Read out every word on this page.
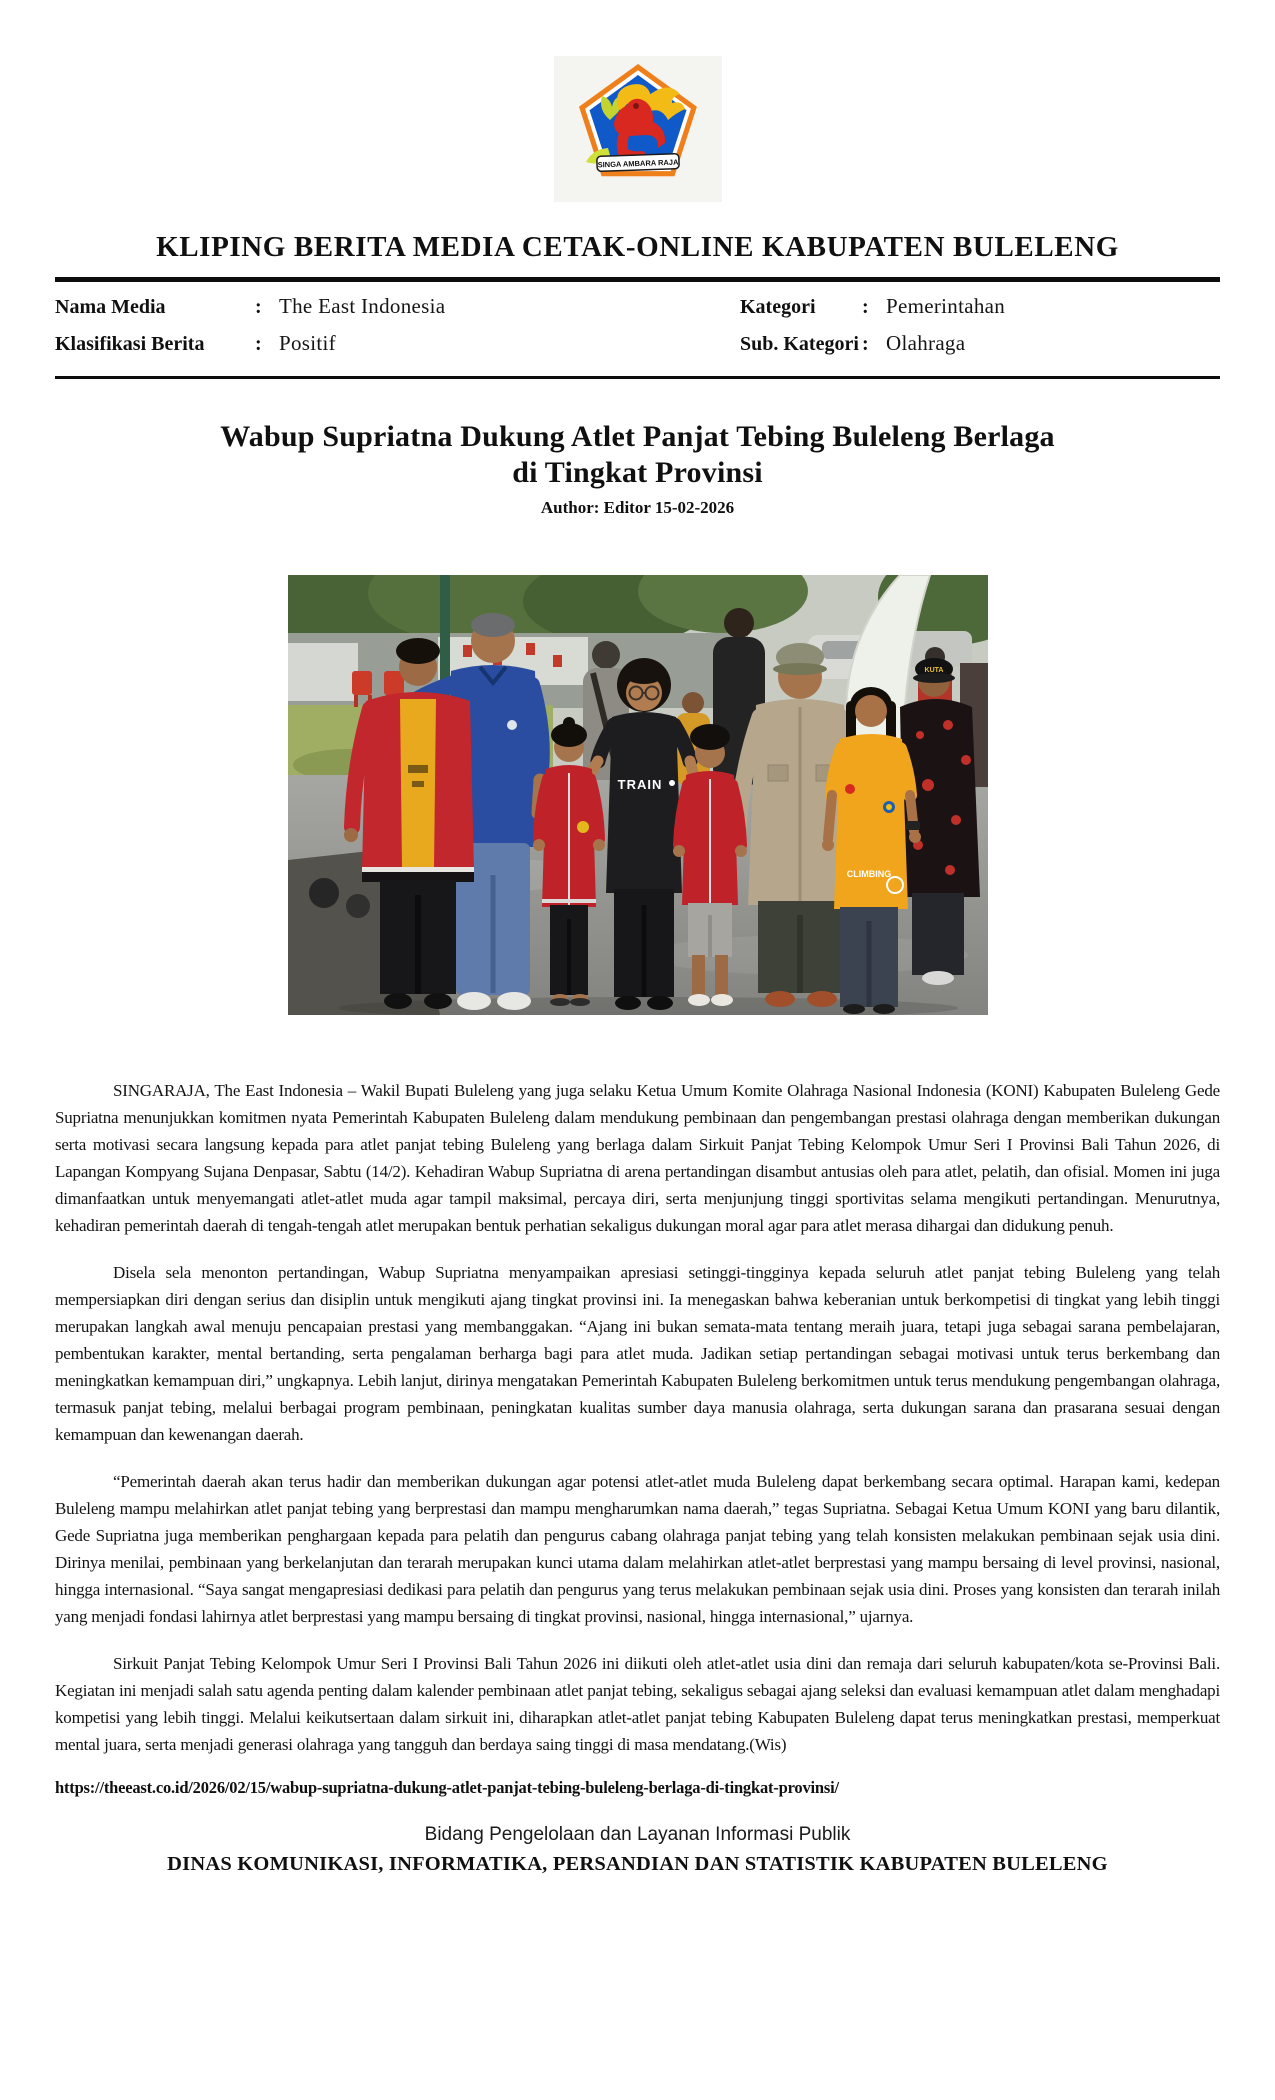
SINGA AMBARA RAJA
KLIPING BERITA MEDIA CETAK-ONLINE KABUPATEN BULELENG
Nama Media	: The East Indonesia	Kategori	: Pemerintahan
Klasifikasi Berita	: Positif	Sub. Kategori : Olahraga
Wabup Supriatna Dukung Atlet Panjat Tebing Buleleng Berlaga
di Tingkat Provinsi
Author: Editor 15-02-2026
KUTA
TRAIN
CLIMBING

SINGARAJA, The East Indonesia – Wakil Bupati Buleleng yang juga selaku Ketua Umum Komite Olahraga Nasional Indonesia (KONI) Kabupaten Buleleng Gede Supriatna menunjukkan komitmen nyata Pemerintah Kabupaten Buleleng dalam mendukung pembinaan dan pengembangan prestasi olahraga dengan memberikan dukungan serta motivasi secara langsung kepada para atlet panjat tebing Buleleng yang berlaga dalam Sirkuit Panjat Tebing Kelompok Umur Seri I Provinsi Bali Tahun 2026, di Lapangan Kompyang Sujana Denpasar, Sabtu (14/2). Kehadiran Wabup Supriatna di arena pertandingan disambut antusias oleh para atlet, pelatih, dan ofisial. Momen ini juga dimanfaatkan untuk menyemangati atlet-atlet muda agar tampil maksimal, percaya diri, serta menjunjung tinggi sportivitas selama mengikuti pertandingan. Menurutnya, kehadiran pemerintah daerah di tengah-tengah atlet merupakan bentuk perhatian sekaligus dukungan moral agar para atlet merasa dihargai dan didukung penuh.

Disela sela menonton pertandingan, Wabup Supriatna menyampaikan apresiasi setinggi-tingginya kepada seluruh atlet panjat tebing Buleleng yang telah mempersiapkan diri dengan serius dan disiplin untuk mengikuti ajang tingkat provinsi ini. Ia menegaskan bahwa keberanian untuk berkompetisi di tingkat yang lebih tinggi merupakan langkah awal menuju pencapaian prestasi yang membanggakan. “Ajang ini bukan semata-mata tentang meraih juara, tetapi juga sebagai sarana pembelajaran, pembentukan karakter, mental bertanding, serta pengalaman berharga bagi para atlet muda. Jadikan setiap pertandingan sebagai motivasi untuk terus berkembang dan meningkatkan kemampuan diri,” ungkapnya. Lebih lanjut, dirinya mengatakan Pemerintah Kabupaten Buleleng berkomitmen untuk terus mendukung pengembangan olahraga, termasuk panjat tebing, melalui berbagai program pembinaan, peningkatan kualitas sumber daya manusia olahraga, serta dukungan sarana dan prasarana sesuai dengan kemampuan dan kewenangan daerah.

“Pemerintah daerah akan terus hadir dan memberikan dukungan agar potensi atlet-atlet muda Buleleng dapat berkembang secara optimal. Harapan kami, kedepan Buleleng mampu melahirkan atlet panjat tebing yang berprestasi dan mampu mengharumkan nama daerah,” tegas Supriatna. Sebagai Ketua Umum KONI yang baru dilantik, Gede Supriatna juga memberikan penghargaan kepada para pelatih dan pengurus cabang olahraga panjat tebing yang telah konsisten melakukan pembinaan sejak usia dini. Dirinya menilai, pembinaan yang berkelanjutan dan terarah merupakan kunci utama dalam melahirkan atlet-atlet berprestasi yang mampu bersaing di level provinsi, nasional, hingga internasional. “Saya sangat mengapresiasi dedikasi para pelatih dan pengurus yang terus melakukan pembinaan sejak usia dini. Proses yang konsisten dan terarah inilah yang menjadi fondasi lahirnya atlet berprestasi yang mampu bersaing di tingkat provinsi, nasional, hingga internasional,” ujarnya.

Sirkuit Panjat Tebing Kelompok Umur Seri I Provinsi Bali Tahun 2026 ini diikuti oleh atlet-atlet usia dini dan remaja dari seluruh kabupaten/kota se-Provinsi Bali. Kegiatan ini menjadi salah satu agenda penting dalam kalender pembinaan atlet panjat tebing, sekaligus sebagai ajang seleksi dan evaluasi kemampuan atlet dalam menghadapi kompetisi yang lebih tinggi. Melalui keikutsertaan dalam sirkuit ini, diharapkan atlet-atlet panjat tebing Kabupaten Buleleng dapat terus meningkatkan prestasi, memperkuat mental juara, serta menjadi generasi olahraga yang tangguh dan berdaya saing tinggi di masa mendatang.(Wis)

https://theeast.co.id/2026/02/15/wabup-supriatna-dukung-atlet-panjat-tebing-buleleng-berlaga-di-tingkat-provinsi/
Bidang Pengelolaan dan Layanan Informasi Publik
DINAS KOMUNIKASI, INFORMATIKA, PERSANDIAN DAN STATISTIK KABUPATEN BULELENG
